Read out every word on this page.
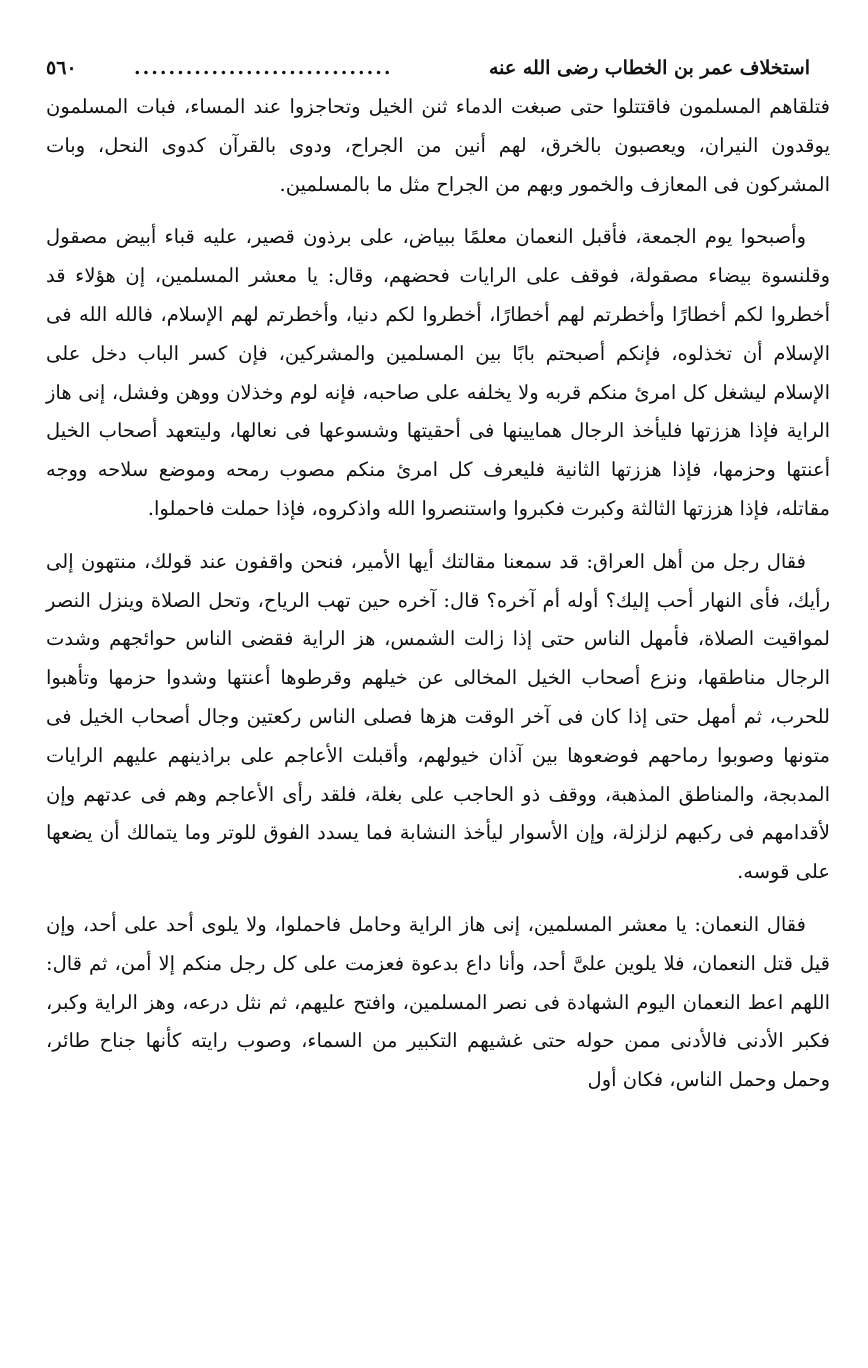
استخلاف عمر بن الخطاب رضى الله عنه
..............................
٥٦٠

فتلقاهم المسلمون فاقتتلوا حتى صبغت الدماء ثنن الخيل وتحاجزوا عند المساء، فبات المسلمون يوقدون النيران، ويعصبون بالخرق، لهم أنين من الجراح، ودوى بالقرآن كدوى النحل، وبات المشركون فى المعازف والخمور وبهم من الجراح مثل ما بالمسلمين.

وأصبحوا يوم الجمعة، فأقبل النعمان معلمًا ببياض، على برذون قصير، عليه قباء أبيض مصقول وقلنسوة بيضاء مصقولة، فوقف على الرايات فحضهم، وقال: يا معشر المسلمين، إن هؤلاء قد أخطروا لكم أخطارًا وأخطرتم لهم أخطارًا، أخطروا لكم دنيا، وأخطرتم لهم الإسلام، فالله الله فى الإسلام أن تخذلوه، فإنكم أصبحتم بابًا بين المسلمين والمشركين، فإن كسر الباب دخل على الإسلام ليشغل كل امرئ منكم قربه ولا يخلفه على صاحبه، فإنه لوم وخذلان ووهن وفشل، إنى هاز الراية فإذا هززتها فليأخذ الرجال همايينها فى أحقيتها وشسوعها فى نعالها، وليتعهد أصحاب الخيل أعنتها وحزمها، فإذا هززتها الثانية فليعرف كل امرئ منكم مصوب رمحه وموضع سلاحه ووجه مقاتله، فإذا هززتها الثالثة وكبرت فكبروا واستنصروا الله واذكروه، فإذا حملت فاحملوا.

فقال رجل من أهل العراق: قد سمعنا مقالتك أيها الأمير، فنحن واقفون عند قولك، منتهون إلى رأيك، فأى النهار أحب إليك؟ أوله أم آخره؟ قال: آخره حين تهب الرياح، وتحل الصلاة وينزل النصر لمواقيت الصلاة، فأمهل الناس حتى إذا زالت الشمس، هز الراية فقضى الناس حوائجهم وشدت الرجال مناطقها، ونزع أصحاب الخيل المخالى عن خيلهم وقرطوها أعنتها وشدوا حزمها وتأهبوا للحرب، ثم أمهل حتى إذا كان فى آخر الوقت هزها فصلى الناس ركعتين وجال أصحاب الخيل فى متونها وصوبوا رماحهم فوضعوها بين آذان خيولهم، وأقبلت الأعاجم على براذينهم عليهم الرايات المدبجة، والمناطق المذهبة، ووقف ذو الحاجب على بغلة، فلقد رأى الأعاجم وهم فى عدتهم وإن لأقدامهم فى ركبهم لزلزلة، وإن الأسوار ليأخذ النشابة فما يسدد الفوق للوتر وما يتمالك أن يضعها على قوسه.

فقال النعمان: يا معشر المسلمين، إنى هاز الراية وحامل فاحملوا، ولا يلوى أحد على أحد، وإن قيل قتل النعمان، فلا يلوين علىَّ أحد، وأنا داع بدعوة فعزمت على كل رجل منكم إلا أمن، ثم قال: اللهم اعط النعمان اليوم الشهادة فى نصر المسلمين، وافتح عليهم، ثم نثل درعه، وهز الراية وكبر، فكبر الأدنى فالأدنى ممن حوله حتى غشيهم التكبير من السماء، وصوب رايته كأنها جناح طائر، وحمل وحمل الناس، فكان أول
